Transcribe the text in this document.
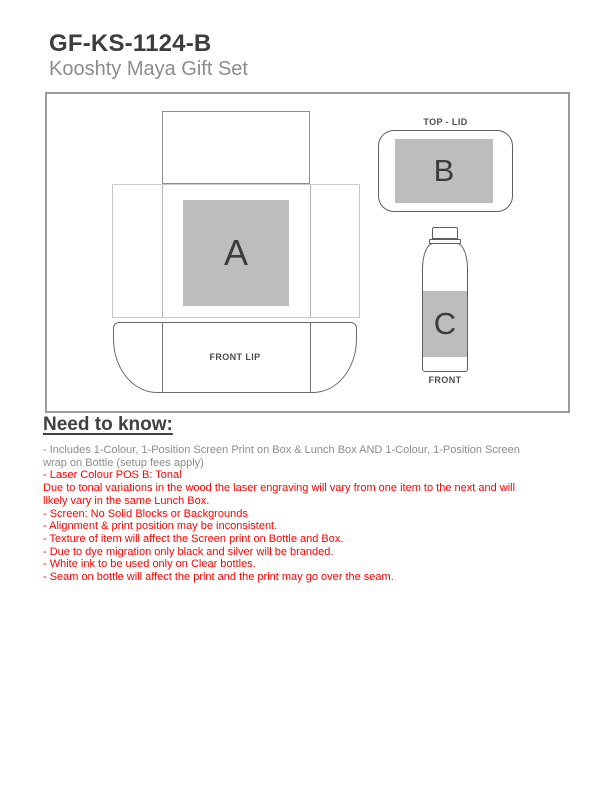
GF-KS-1124-B
Kooshty Maya Gift Set
A
FRONT LIP
TOP - LID
B
C
FRONT
Need to know:
- Includes 1-Colour, 1-Position Screen Print on Box & Lunch Box AND 1-Colour, 1-Position Screen
wrap on Bottle (setup fees apply)
- Laser Colour POS B: Tonal
Due to tonal variations in the wood the laser engraving will vary from one item to the next and will
likely vary in the same Lunch Box.
- Screen: No Solid Blocks or Backgrounds
- Alignment & print position may be inconsistent.
- Texture of item will affect the Screen print on Bottle and Box.
- Due to dye migration only black and silver will be branded.
- White ink to be used only on Clear bottles.
- Seam on bottle will affect the print and the print may go over the seam.
